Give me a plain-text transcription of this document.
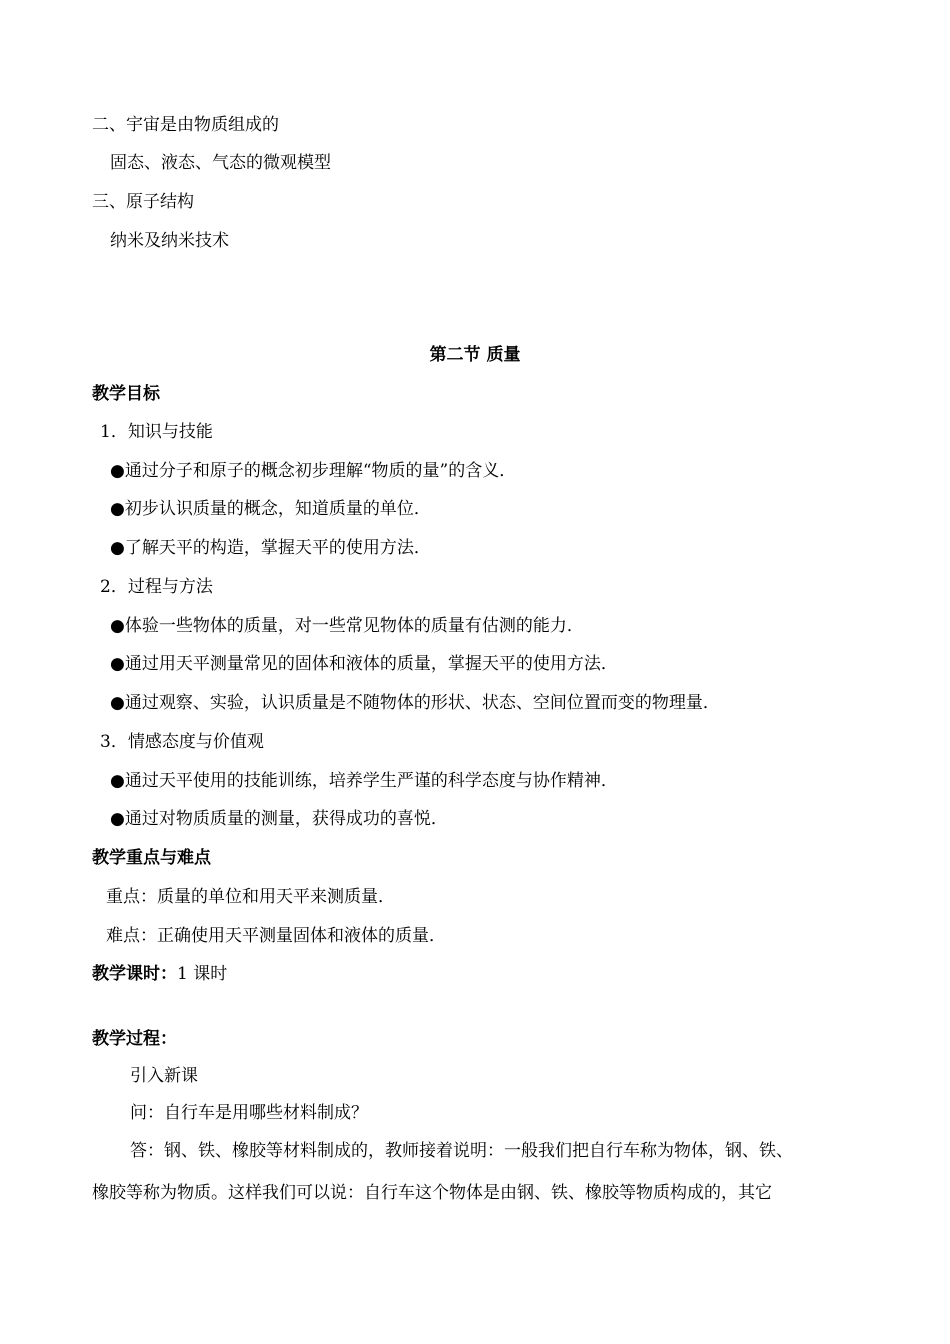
二、宇宙是由物质组成的
固态、液态、气态的微观模型
三、原子结构
纳米及纳米技术
第二节 质量
教学目标
1．知识与技能
●通过分子和原子的概念初步理解“物质的量”的含义．
●初步认识质量的概念，知道质量的单位．
●了解天平的构造，掌握天平的使用方法．
2．过程与方法
●体验一些物体的质量，对一些常见物体的质量有估测的能力．
●通过用天平测量常见的固体和液体的质量，掌握天平的使用方法．
●通过观察、实验，认识质量是不随物体的形状、状态、空间位置而变的物理量．
3．情感态度与价值观
●通过天平使用的技能训练，培养学生严谨的科学态度与协作精神．
●通过对物质质量的测量，获得成功的喜悦．
教学重点与难点
重点：质量的单位和用天平来测质量．
难点：正确使用天平测量固体和液体的质量．
教学课时：1 课时
教学过程：
引入新课
问：自行车是用哪些材料制成？
答：钢、铁、橡胶等材料制成的，教师接着说明：一般我们把自行车称为物体，钢、铁、
橡胶等称为物质。这样我们可以说：自行车这个物体是由钢、铁、橡胶等物质构成的，其它
